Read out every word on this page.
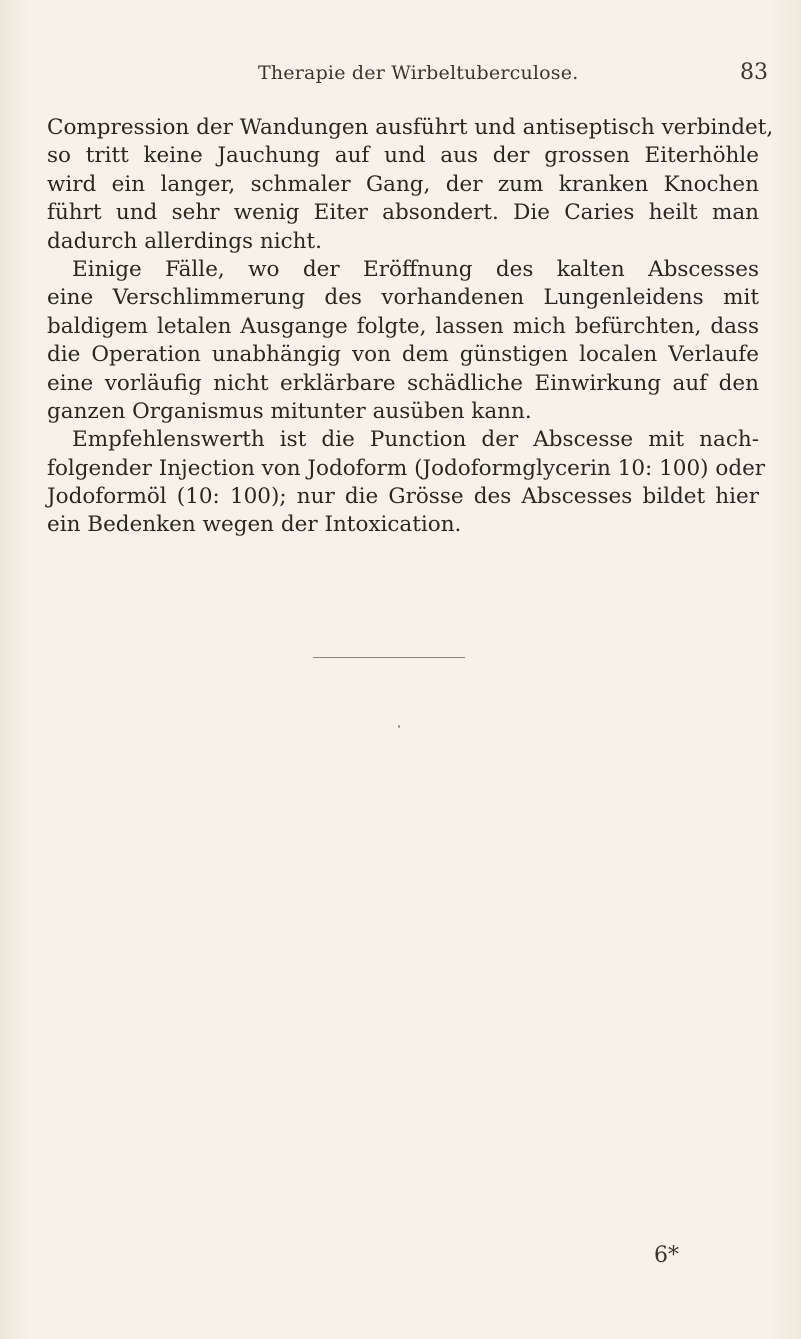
Therapie der Wirbeltuberculose.	83
Compression der Wandungen ausführt und antiseptisch verbindet,
so tritt keine Jauchung auf und aus der grossen Eiterhöhle
wird ein langer, schmaler Gang, der zum kranken Knochen
führt und sehr wenig Eiter absondert. Die Caries heilt man
dadurch allerdings nicht.
Einige Fälle, wo der Eröffnung des kalten Abscesses
eine Verschlimmerung des vorhandenen Lungenleidens mit
baldigem letalen Ausgange folgte, lassen mich befürchten, dass
die Operation unabhängig von dem günstigen localen Verlaufe
eine vorläufig nicht erklärbare schädliche Einwirkung auf den
ganzen Organismus mitunter ausüben kann.
Empfehlenswerth ist die Punction der Abscesse mit nach-
folgender Injection von Jodoform (Jodoformglycerin 10: 100) oder
Jodoformöl (10: 100); nur die Grösse des Abscesses bildet hier
ein Bedenken wegen der Intoxication.
6*
